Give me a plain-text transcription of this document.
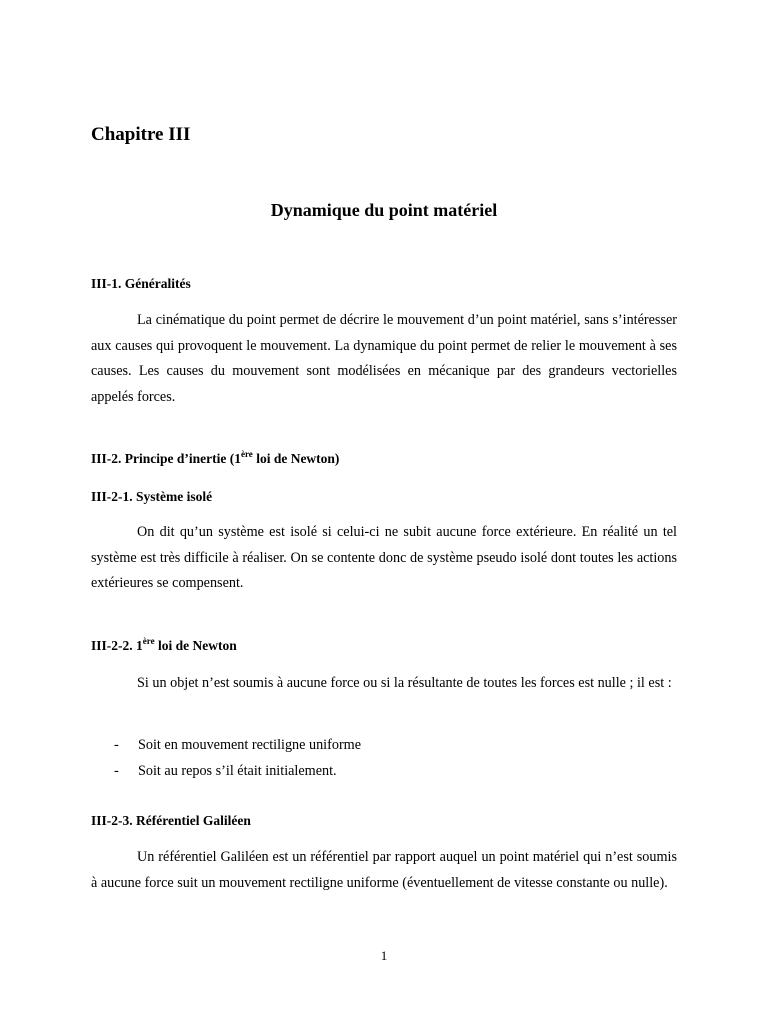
Chapitre III
Dynamique du point matériel
III-1. Généralités

La cinématique du point permet de décrire le mouvement d’un point matériel, sans s’intéresser aux causes qui provoquent le mouvement. La dynamique du point permet de relier le mouvement à ses causes. Les causes du mouvement sont modélisées en mécanique par des grandeurs vectorielles appelés forces.

III-2. Principe d’inertie (1ère loi de Newton)
III-2-1. Système isolé

On dit qu’un système est isolé si celui-ci ne subit aucune force extérieure. En réalité un tel système est très difficile à réaliser. On se contente donc de système pseudo isolé dont toutes les actions extérieures se compensent.

III-2-2. 1ère loi de Newton

Si un objet n’est soumis à aucune force ou si la résultante de toutes les forces est nulle ; il est :

- Soit en mouvement rectiligne uniforme
- Soit au repos s’il était initialement.
III-2-3. Référentiel Galiléen

Un référentiel Galiléen est un référentiel par rapport auquel un point matériel qui n’est soumis à aucune force suit un mouvement rectiligne uniforme (éventuellement de vitesse constante ou nulle).

1
